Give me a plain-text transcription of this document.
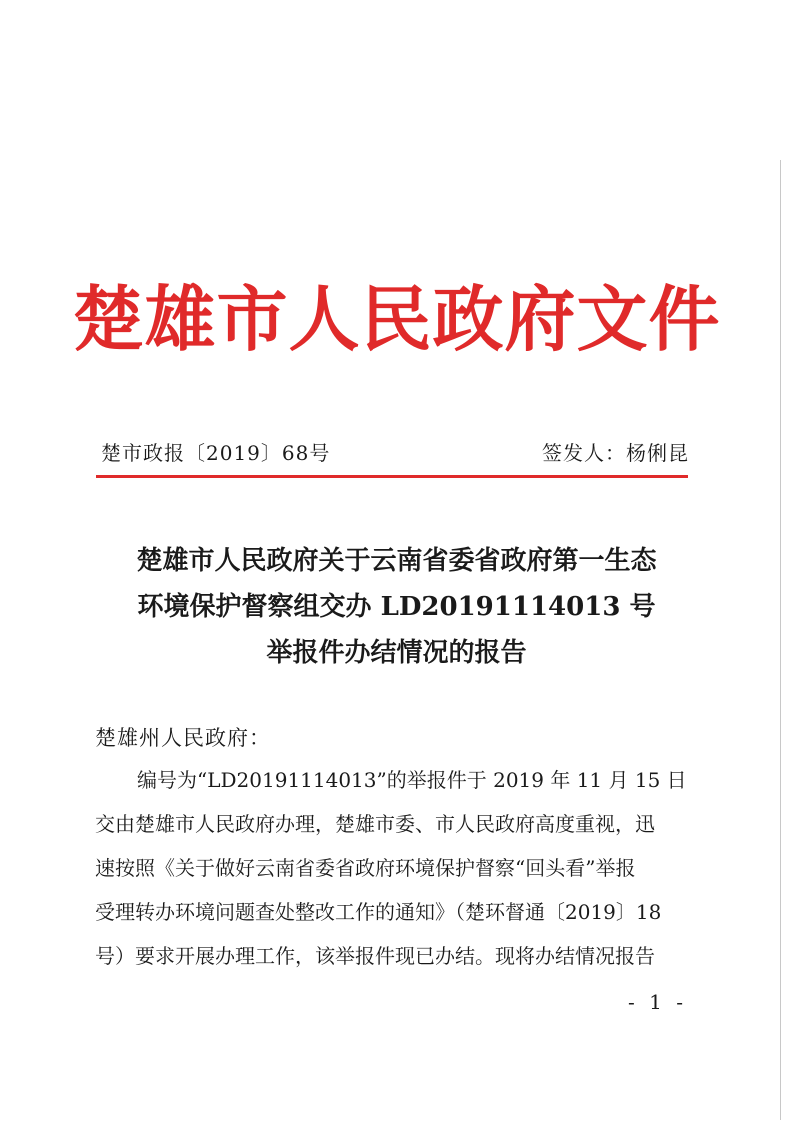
楚雄市人民政府文件
楚市政报〔2019〕68号	签发人：杨俐昆
楚雄市人民政府关于云南省委省政府第一生态
环境保护督察组交办 LD20191114013 号
举报件办结情况的报告
楚雄州人民政府：
编号为“LD20191114013”的举报件于 2019 年 11 月 15 日
交由楚雄市人民政府办理，楚雄市委、市人民政府高度重视，迅
速按照《关于做好云南省委省政府环境保护督察“回头看”举报
受理转办环境问题查处整改工作的通知》（楚环督通〔2019〕18
号）要求开展办理工作，该举报件现已办结。现将办结情况报告
- 1 -
